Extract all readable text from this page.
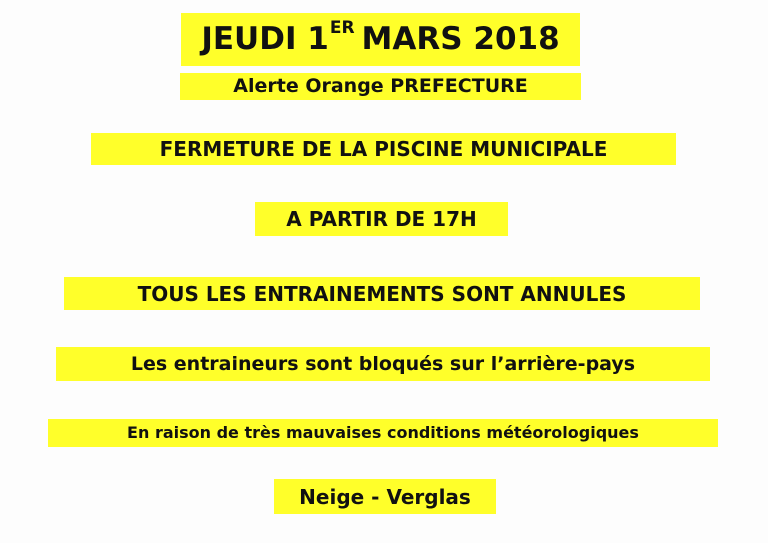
JEUDI 1 ER MARS 2018
Alerte Orange PREFECTURE
FERMETURE DE LA PISCINE MUNICIPALE
A PARTIR DE 17H
TOUS LES ENTRAINEMENTS SONT ANNULES
Les entraineurs sont bloqués sur l’arrière-pays
En raison de très mauvaises conditions météorologiques
Neige - Verglas
